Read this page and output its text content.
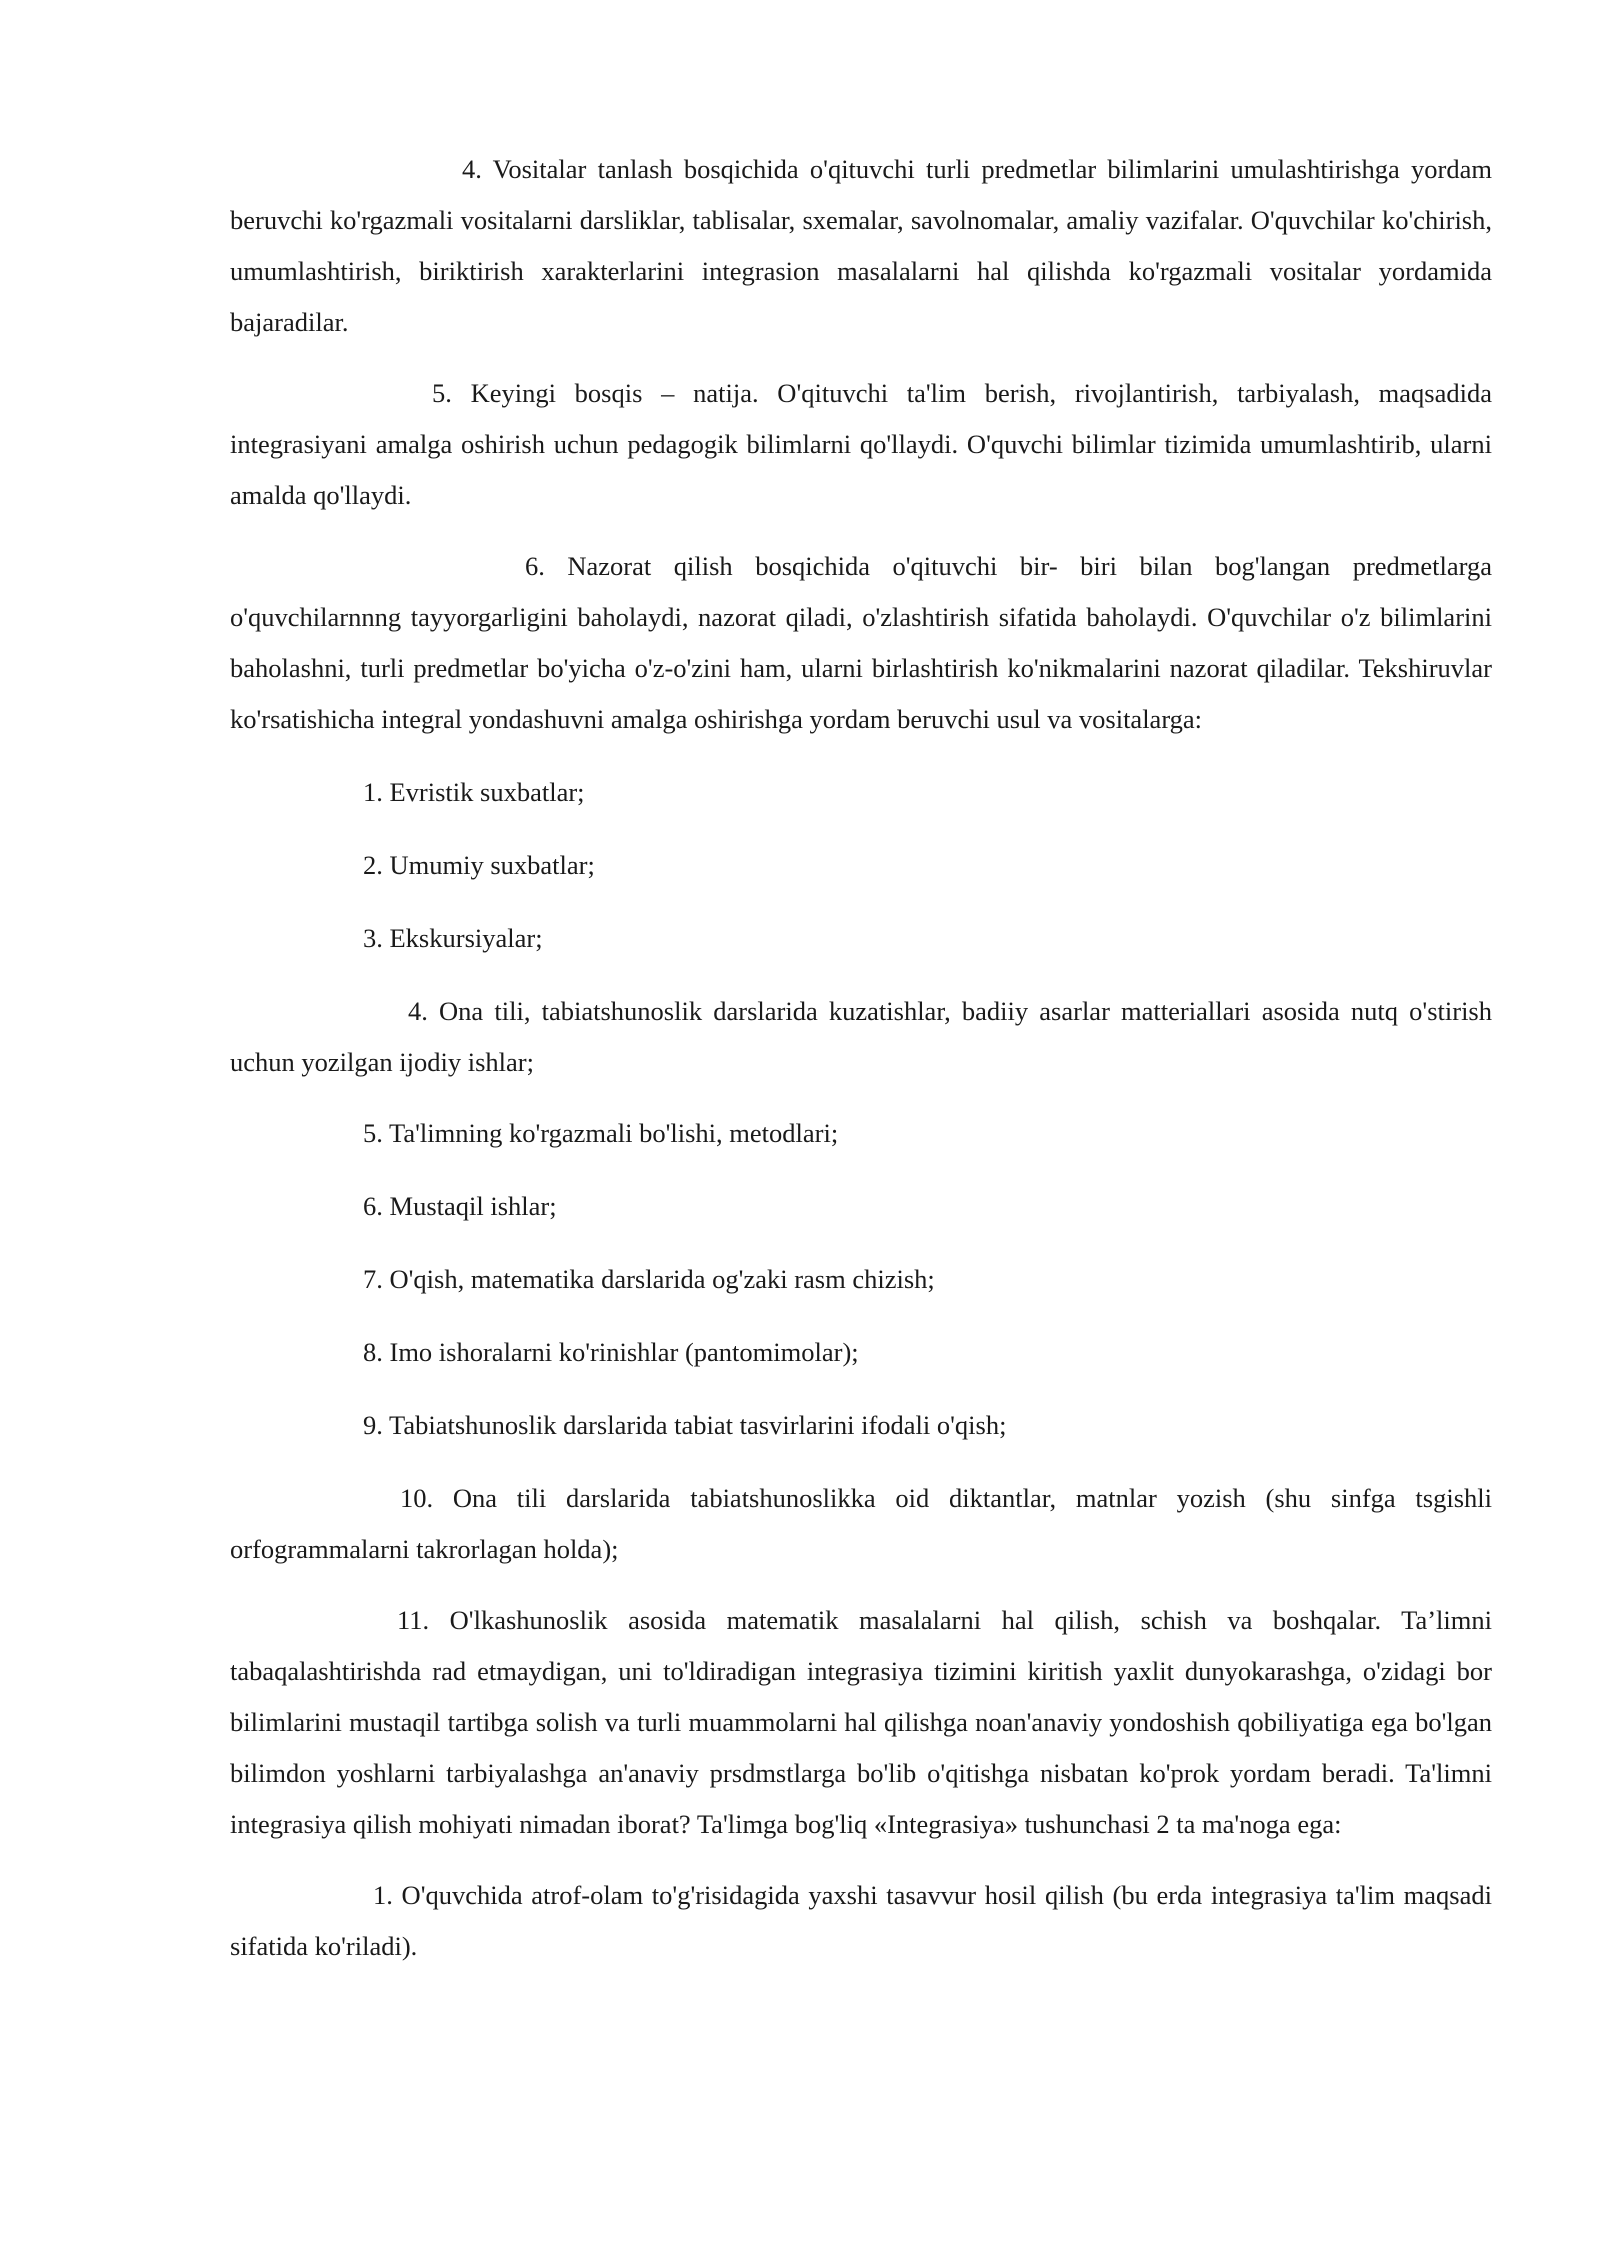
4. Vositalar tanlash bosqichida o'qituvchi turli predmetlar bilimlarini umulashtirishga yordam beruvchi ko'rgazmali vositalarni darsliklar, tablisalar, sxemalar, savolnomalar, amaliy vazifalar. O'quvchilar ko'chirish, umumlashtirish, biriktirish xarakterlarini integrasion masalalarni hal qilishda ko'rgazmali vositalar yordamida bajaradilar.

5. Keyingi bosqis – natija. O'qituvchi ta'lim berish, rivojlantirish, tarbiyalash, maqsadida integrasiyani amalga oshirish uchun pedagogik bilimlarni qo'llaydi. O'quvchi bilimlar tizimida umumlashtirib, ularni amalda qo'llaydi.

6. Nazorat qilish bosqichida o'qituvchi bir- biri bilan bog'langan predmetlarga o'quvchilarnnng tayyorgarligini baholaydi, nazorat qiladi, o'zlashtirish sifatida baholaydi. O'quvchilar o'z bilimlarini baholashni, turli predmetlar bo'yicha o'z-o'zini ham, ularni birlashtirish ko'nikmalarini nazorat qiladilar. Tekshiruvlar ko'rsatishicha integral yondashuvni amalga oshirishga yordam beruvchi usul va vositalarga:

1. Evristik suxbatlar;

2. Umumiy suxbatlar;

3. Ekskursiyalar;

4. Ona tili, tabiatshunoslik darslarida kuzatishlar, badiiy asarlar matteriallari asosida nutq o'stirish uchun yozilgan ijodiy ishlar;

5. Ta'limning ko'rgazmali bo'lishi, metodlari;

6. Mustaqil ishlar;

7. O'qish, matematika darslarida og'zaki rasm chizish;

8. Imo ishoralarni ko'rinishlar (pantomimolar);

9. Tabiatshunoslik darslarida tabiat tasvirlarini ifodali o'qish;

10. Ona tili darslarida tabiatshunoslikka oid diktantlar, matnlar yozish (shu sinfga tsgishli orfogrammalarni takrorlagan holda);

11. O'lkashunoslik asosida matematik masalalarni hal qilish, schish va boshqalar. Ta’limni tabaqalashtirishda rad etmaydigan, uni to'ldiradigan integrasiya tizimini kiritish yaxlit dunyokarashga, o'zidagi bor bilimlarini mustaqil tartibga solish va turli muammolarni hal qilishga noan'anaviy yondoshish qobiliyatiga ega bo'lgan bilimdon yoshlarni tarbiyalashga an'anaviy prsdmstlarga bo'lib o'qitishga nisbatan ko'prok yordam beradi. Ta'limni integrasiya qilish mohiyati nimadan iborat? Ta'limga bog'liq «Integrasiya» tushunchasi 2 ta ma'noga ega:

1. O'quvchida atrof-olam to'g'risidagida yaxshi tasavvur hosil qilish (bu erda integrasiya ta'lim maqsadi sifatida ko'riladi).
